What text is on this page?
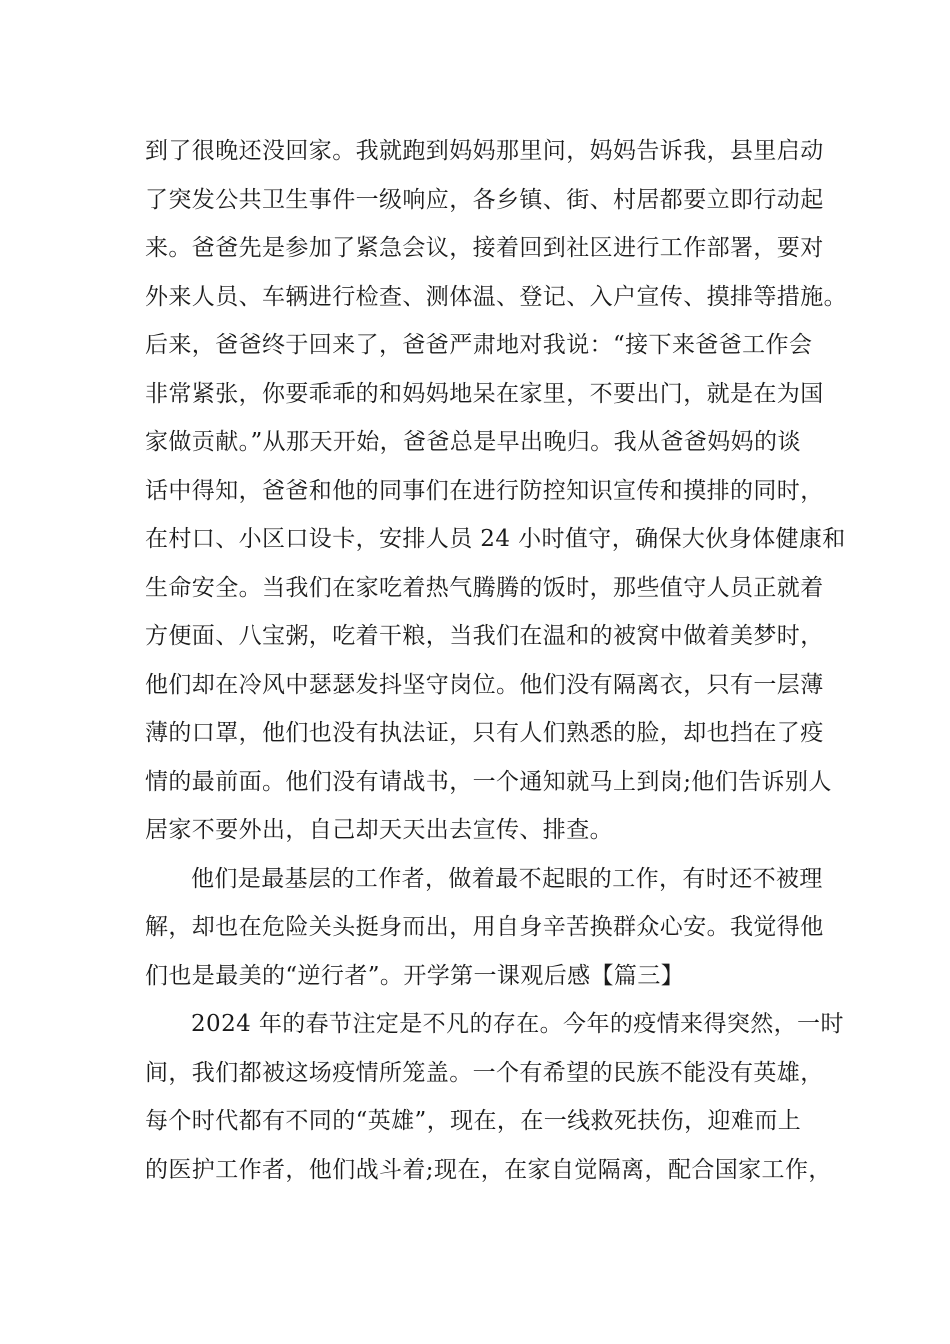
到了很晚还没回家。我就跑到妈妈那里问，妈妈告诉我，县里启动
了突发公共卫生事件一级响应，各乡镇、街、村居都要立即行动起
来。爸爸先是参加了紧急会议，接着回到社区进行工作部署，要对
外来人员、车辆进行检查、测体温、登记、入户宣传、摸排等措施。
后来，爸爸终于回来了，爸爸严肃地对我说：“接下来爸爸工作会
非常紧张，你要乖乖的和妈妈地呆在家里，不要出门，就是在为国
家做贡献。”从那天开始，爸爸总是早出晚归。我从爸爸妈妈的谈
话中得知，爸爸和他的同事们在进行防控知识宣传和摸排的同时，
在村口、小区口设卡，安排人员 24 小时值守，确保大伙身体健康和
生命安全。当我们在家吃着热气腾腾的饭时，那些值守人员正就着
方便面、八宝粥，吃着干粮，当我们在温和的被窝中做着美梦时，
他们却在冷风中瑟瑟发抖坚守岗位。他们没有隔离衣，只有一层薄
薄的口罩，他们也没有执法证，只有人们熟悉的脸，却也挡在了疫
情的最前面。他们没有请战书，一个通知就马上到岗;他们告诉别人
居家不要外出，自己却天天出去宣传、排查。
他们是最基层的工作者，做着最不起眼的工作，有时还不被理
解，却也在危险关头挺身而出，用自身辛苦换群众心安。我觉得他
们也是最美的“逆行者”。开学第一课观后感【篇三】
2024 年的春节注定是不凡的存在。今年的疫情来得突然，一时
间，我们都被这场疫情所笼盖。一个有希望的民族不能没有英雄，
每个时代都有不同的“英雄”，现在，在一线救死扶伤，迎难而上
的医护工作者，他们战斗着;现在，在家自觉隔离，配合国家工作，
